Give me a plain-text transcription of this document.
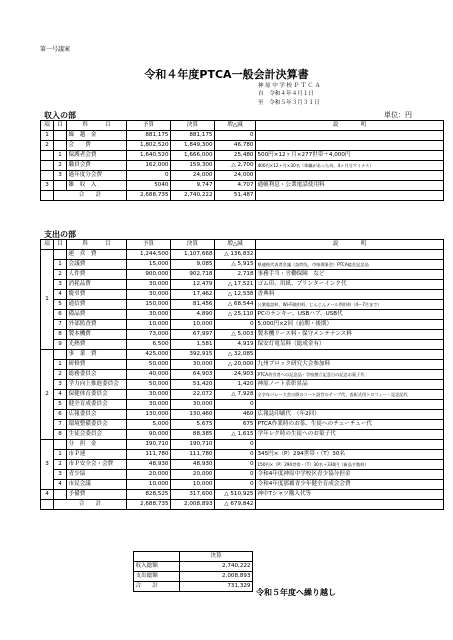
第一号議案
令和４年度PTCA一般会計決算書
神原中学校ＰＴＣＡ
自　令和４年４月１日
至　令和５年３月３１日
収入の部	単位：円
項	目	科　　　目	予算	決算	増△減	説　　　　明
1		繰　越　金	881,175	881,175	0	
2		会　　費	1,802,520	1,849,300	46,780	
	1	保護者会費	1,640,520	1,666,000	25,480	500円×12ヶ月×277世帯＋4,000円
	2	職員会費	162,000	159,300	△ 2,700	400円×12ヶ月×30名（休職があった為、4ヶ月分マイナス）
	3	過年度分会費	0	24,000	24,000	
3		雑　収　入	5040	9,747	4,707	通帳利息・公衆電話使用料
	合　　計		2,688,735	2,740,222	51,487	
支出の部
項	目	科　　　目	予算	決算	増△減	説　　　　明
1		運　営　費	1,244,500	1,107,668	△ 136,832	
	1	会議費	15,000	9,085	△ 5,915	県連絡代表者会議（訪問先、市県理事会）PTCA総会記念品
	2	人件費	900,000	902,718	2,718	事務手当・労働保険　など
	3	消耗品費	30,000	12,479	△ 17,521	ゴム印、用紙、プリンターインク代
	4	慶弔費	30,000	17,462	△ 12,538	香典料
	5	通信費	150,000	81,456	△ 68,544	公衆電話料、Wi-Fi使用料、じんじんメール利用料（4～7月まで）
	6	備品費	30,000	4,890	△ 25,110	PCのテンキー、USBハブ、USB代
	7	外部監査費	10,000	10,000	0	5,000円×2回（前期・後期）
	8	製本機費	73,000	67,997	△ 5,003	製本機リース料・保守メンテナンス料
	9	光熱費	6,500	1,581	4,919	保安灯電気料（総成金有）
2		事　業　費	425,000	392,915	△ 32,085	
	1	研修費	50,000	30,000	△ 20,000	九州ブロック研究大会参加料
	2	総務委員会	40,000	64,903	24,903	PTCA功労者への記念品・学校創立記念日の記念お菓子代
	3	学力向上推進委員会	50,000	51,420	1,420	神原ノート表彰景品
	4	保健体育委員会	30,000	22,072	△ 7,928	全学年バレー大会の際のコート設営のテープ代、表彰式用トロフィー・記念品代
	5	健全育成委員会	30,000	30,000	0	
	6	広報委員会	130,000	130,460	460	広報誌印刷代　（年2回）
	7	環境整備委員会	5,000	5,675	675	PTCA作業時のお茶、生徒へのチューチュー代
	8	生徒会委員会	90,000	88,385	△ 1,615	学年レク時の生徒へのお菓子代
3		分　担　金	190,710	190,710	0	
	1	市Ｐ連	111,780	111,780	0	345円×（P）294世帯・（T）30名
	2	市Ｐ安全会・会費	48,930	48,930	0	150円×（P）294世帯・（T）30名＋330円（新品手数料）
	3	青少協	20,000	20,000	0	令和4年度神原中学校区青少協分担金
	4	市民会議	10,000	10,000	0	令和4年度那覇青少年健全育成会会費
4		予備費	828,525	317,600	△ 510,925	神中Tシャツ購入代等
	合　　計		2,688,735	2,008,893	△ 679,842	
	決算
収入総額	2,740,222
支出総額	2,008,893
合　　計	731,329
令和５年度へ繰り越し
